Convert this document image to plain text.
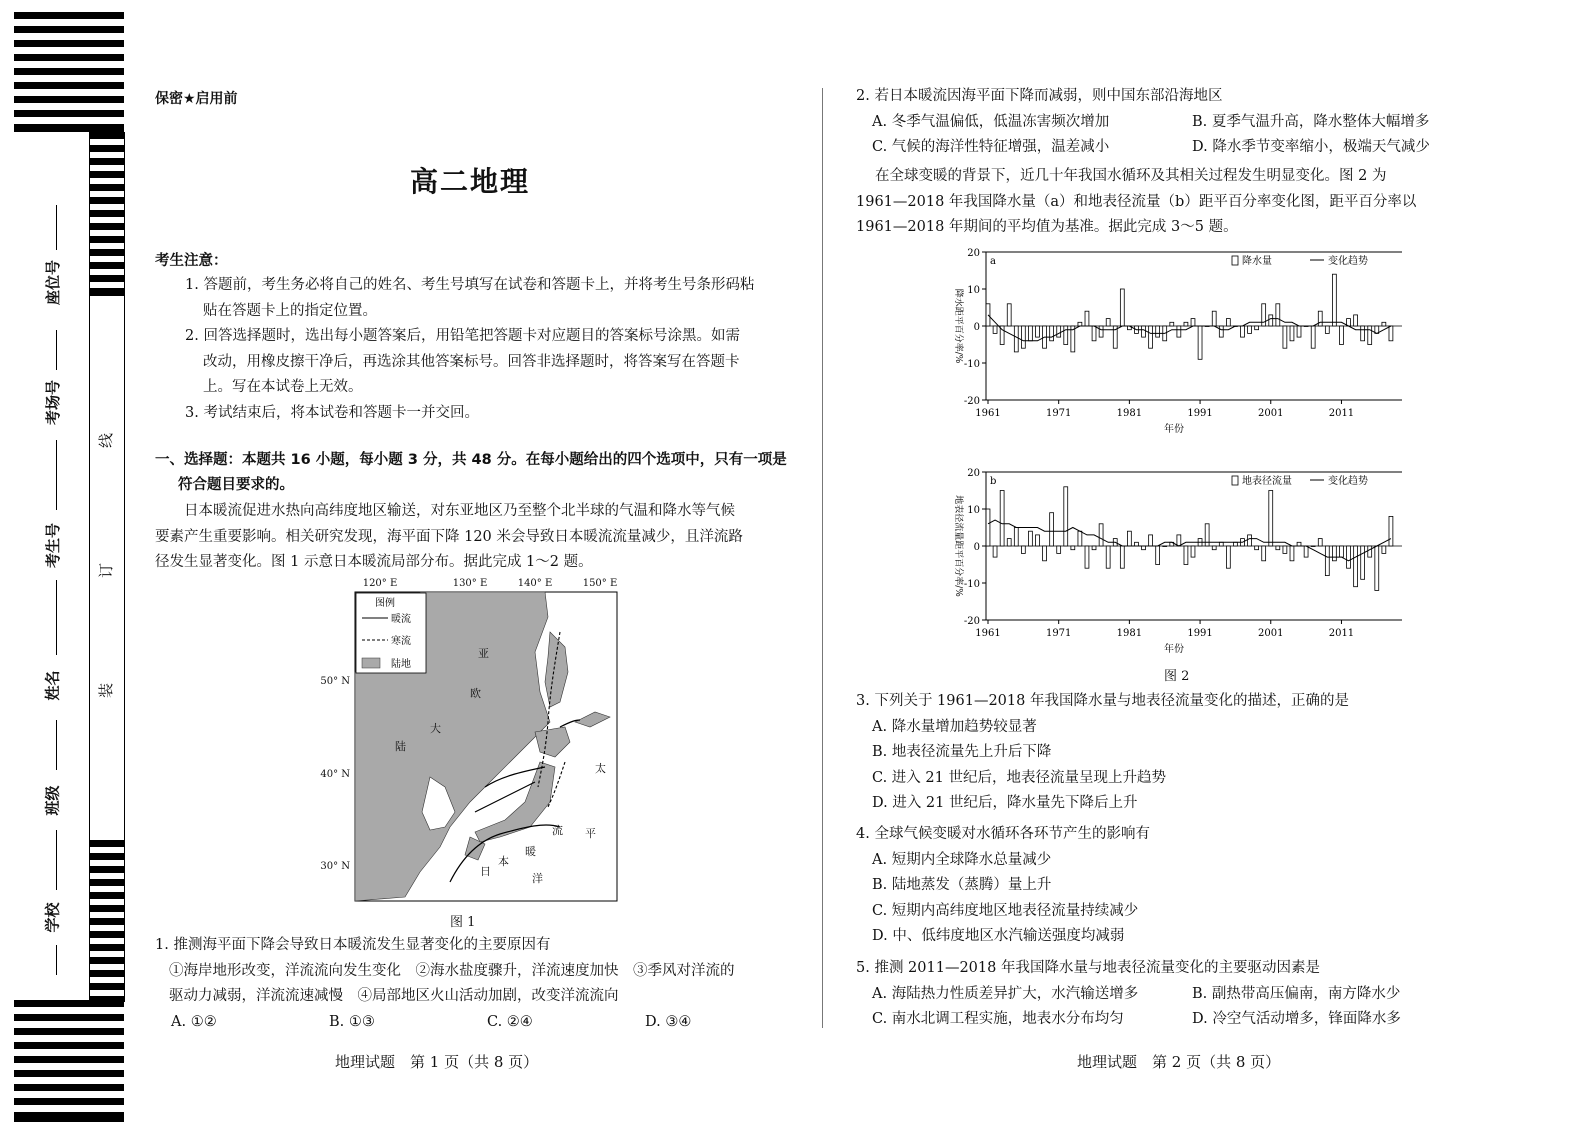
座位号
考场号
考生号
姓名
班级
学校
线
订
装
保密★启用前
高二地理
考生注意：
1. 答题前，考生务必将自己的姓名、考生号填写在试卷和答题卡上，并将考生号条形码粘
贴在答题卡上的指定位置。
2. 回答选择题时，选出每小题答案后，用铅笔把答题卡对应题目的答案标号涂黑。如需
改动，用橡皮擦干净后，再选涂其他答案标号。回答非选择题时，将答案写在答题卡
上。写在本试卷上无效。
3. 考试结束后，将本试卷和答题卡一并交回。
一、选择题：本题共 16 小题，每小题 3 分，共 48 分。在每小题给出的四个选项中，只有一项是
符合题目要求的。
日本暖流促进水热向高纬度地区输送，对东亚地区乃至整个北半球的气温和降水等气候
要素产生重要影响。相关研究发现，海平面下降 120 米会导致日本暖流流量减少，且洋流路
径发生显著变化。图 1 示意日本暖流局部分布。据此完成 1～2 题。
120° E	130° E	140° E	150° E
50° N
40° N
30° N
图例
暖流
寒流
陆地
亚
欧
大
陆
太
平
流
暖
本
日
洋
图 1
1. 推测海平面下降会导致日本暖流发生显著变化的主要原因有
①海岸地形改变，洋流流向发生变化　②海水盐度骤升，洋流速度加快　③季风对洋流的
驱动力减弱，洋流流速减慢　④局部地区火山活动加剧，改变洋流流向
A. ①②	B. ①③	C. ②④	D. ③④
地理试题　第 1 页（共 8 页）
2. 若日本暖流因海平面下降而减弱，则中国东部沿海地区
A. 冬季气温偏低，低温冻害频次增加	B. 夏季气温升高，降水整体大幅增多
C. 气候的海洋性特征增强，温差减小	D. 降水季节变率缩小，极端天气减少
在全球变暖的背景下，近几十年我国水循环及其相关过程发生明显变化。图 2 为
1961—2018 年我国降水量（a）和地表径流量（b）距平百分率变化图，距平百分率以
1961—2018 年期间的平均值为基准。据此完成 3～5 题。
20
10
0
-10
-20
1961	1971	1981	1991	2001	2011
年份
降水距平百分率/%
a	降水量	变化趋势
20
10
0
-10
-20
1961	1971	1981	1991	2001	2011
年份
地表径流量距平百分率/%
b	地表径流量	变化趋势
图 2
3. 下列关于 1961—2018 年我国降水量与地表径流量变化的描述，正确的是
A. 降水量增加趋势较显著
B. 地表径流量先上升后下降
C. 进入 21 世纪后，地表径流量呈现上升趋势
D. 进入 21 世纪后，降水量先下降后上升
4. 全球气候变暖对水循环各环节产生的影响有
A. 短期内全球降水总量减少
B. 陆地蒸发（蒸腾）量上升
C. 短期内高纬度地区地表径流量持续减少
D. 中、低纬度地区水汽输送强度均减弱
5. 推测 2011—2018 年我国降水量与地表径流量变化的主要驱动因素是
A. 海陆热力性质差异扩大，水汽输送增多	B. 副热带高压偏南，南方降水少
C. 南水北调工程实施，地表水分布均匀	D. 冷空气活动增多，锋面降水多
地理试题　第 2 页（共 8 页）
